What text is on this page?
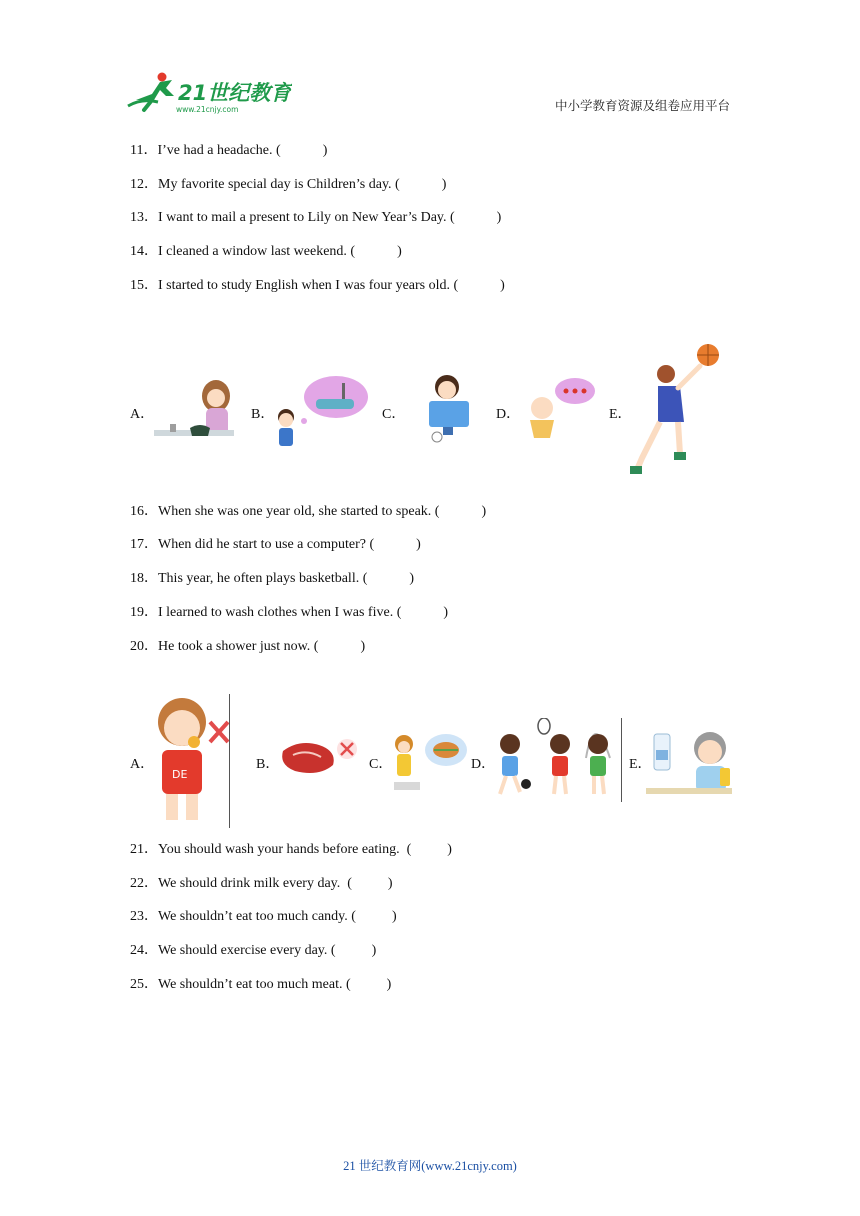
21世纪教育
www.21cnjy.com	中小学教育资源及组卷应用平台
11．I’ve had a headache. (	)
12．My favorite special day is Children’s day. (	)
13．I want to mail a present to Lily on New Year’s Day. (	)
14．I cleaned a window last weekend. (	)
15．I started to study English when I was four years old. (	)
A．	B．	C．	D．	E．
16．When she was one year old, she started to speak. (	)
17．When did he start to use a computer? (	)
18．This year, he often plays basketball. (	)
19．I learned to wash clothes when I was five. (	)
20．He took a shower just now. (	)
A．
DE
B．	C．	D．	E．
21．You should wash your hands before eating.  (	)
22．We should drink milk every day.  (	)
23．We shouldn’t eat too much candy. (	)
24．We should exercise every day. (	)
25．We shouldn’t eat too much meat. (	)
21 世纪教育网(www.21cnjy.com)
